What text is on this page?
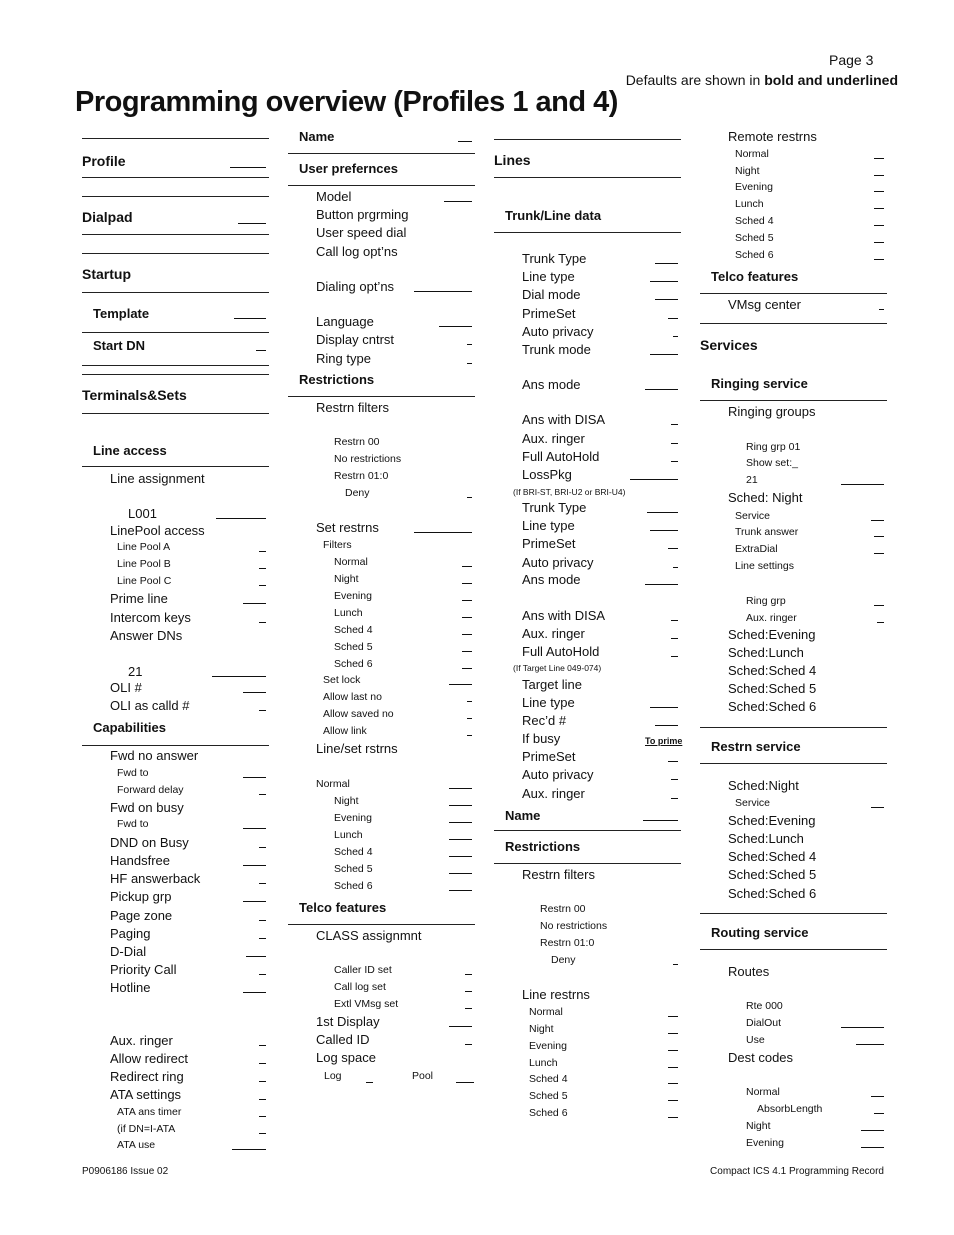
Page 3
Defaults are shown in bold and underlined
Programming overview (Profiles 1 and 4)
Profile
Dialpad
Startup
Template
Start DN
Terminals&Sets
Line access
Line assignment
L001
LinePool access
Line Pool A
Line Pool B
Line Pool C
Prime line
Intercom keys
Answer DNs
21
OLI #
OLI as calld #
Capabilities
Fwd no answer
Fwd to
Forward delay
Fwd on busy
Fwd to
DND on Busy
Handsfree
HF answerback
Pickup grp
Page zone
Paging
D-Dial
Priority Call
Hotline
Aux. ringer
Allow redirect
Redirect ring
ATA settings
ATA ans timer
(if DN=I-ATA
ATA use
Name
User prefernces
Model
Button prgrming
User speed dial
Call log opt’ns
Dialing opt’ns
Language
Display cntrst
Ring type
Restrictions
Restrn filters
Restrn 00
No restrictions
Restrn 01:0
Deny
Set restrns
Filters
Normal
Night
Evening
Lunch
Sched 4
Sched 5
Sched 6
Set lock
Allow last no
Allow saved no
Allow link
Line/set rstrns
Normal
Night
Evening
Lunch
Sched 4
Sched 5
Sched 6
Telco features
CLASS assignmnt
Caller ID set
Call log set
Extl VMsg set
1st Display
Called ID
Log space
Lines
Trunk/Line data
Trunk Type
Line type
Dial mode
PrimeSet
Auto privacy
Trunk mode
Ans mode
Ans with DISA
Aux. ringer
Full AutoHold
LossPkg
(If BRI-ST, BRI-U2 or BRI-U4)
Trunk Type
Line type
PrimeSet
Auto privacy
Ans mode
Ans with DISA
Aux. ringer
Full AutoHold
(If Target Line 049-074)
Target line
Line type
Rec’d #
If busy
PrimeSet
Auto privacy
Aux. ringer
Name
Restrictions
Restrn filters
Restrn 00
No restrictions
Restrn 01:0
Deny
Line restrns
Normal
Night
Evening
Lunch
Sched 4
Sched 5
Sched 6
Remote restrns
Normal
Night
Evening
Lunch
Sched 4
Sched 5
Sched 6
Telco features
VMsg center
Services
Ringing service
Ringing groups
Ring grp 01
Show set:_
21
Sched: Night
Service
Trunk answer
ExtraDial
Line settings
Ring grp
Aux. ringer
Sched:Evening
Sched:Lunch
Sched:Sched 4
Sched:Sched 5
Sched:Sched 6
Restrn service
Sched:Night
Service
Sched:Evening
Sched:Lunch
Sched:Sched 4
Sched:Sched 5
Sched:Sched 6
Routing service
Routes
Rte 000
DialOut
Use
Dest codes
Normal
AbsorbLength
Night
Evening
To prime
Log	Pool
P0906186 Issue 02	Compact ICS 4.1 Programming Record
